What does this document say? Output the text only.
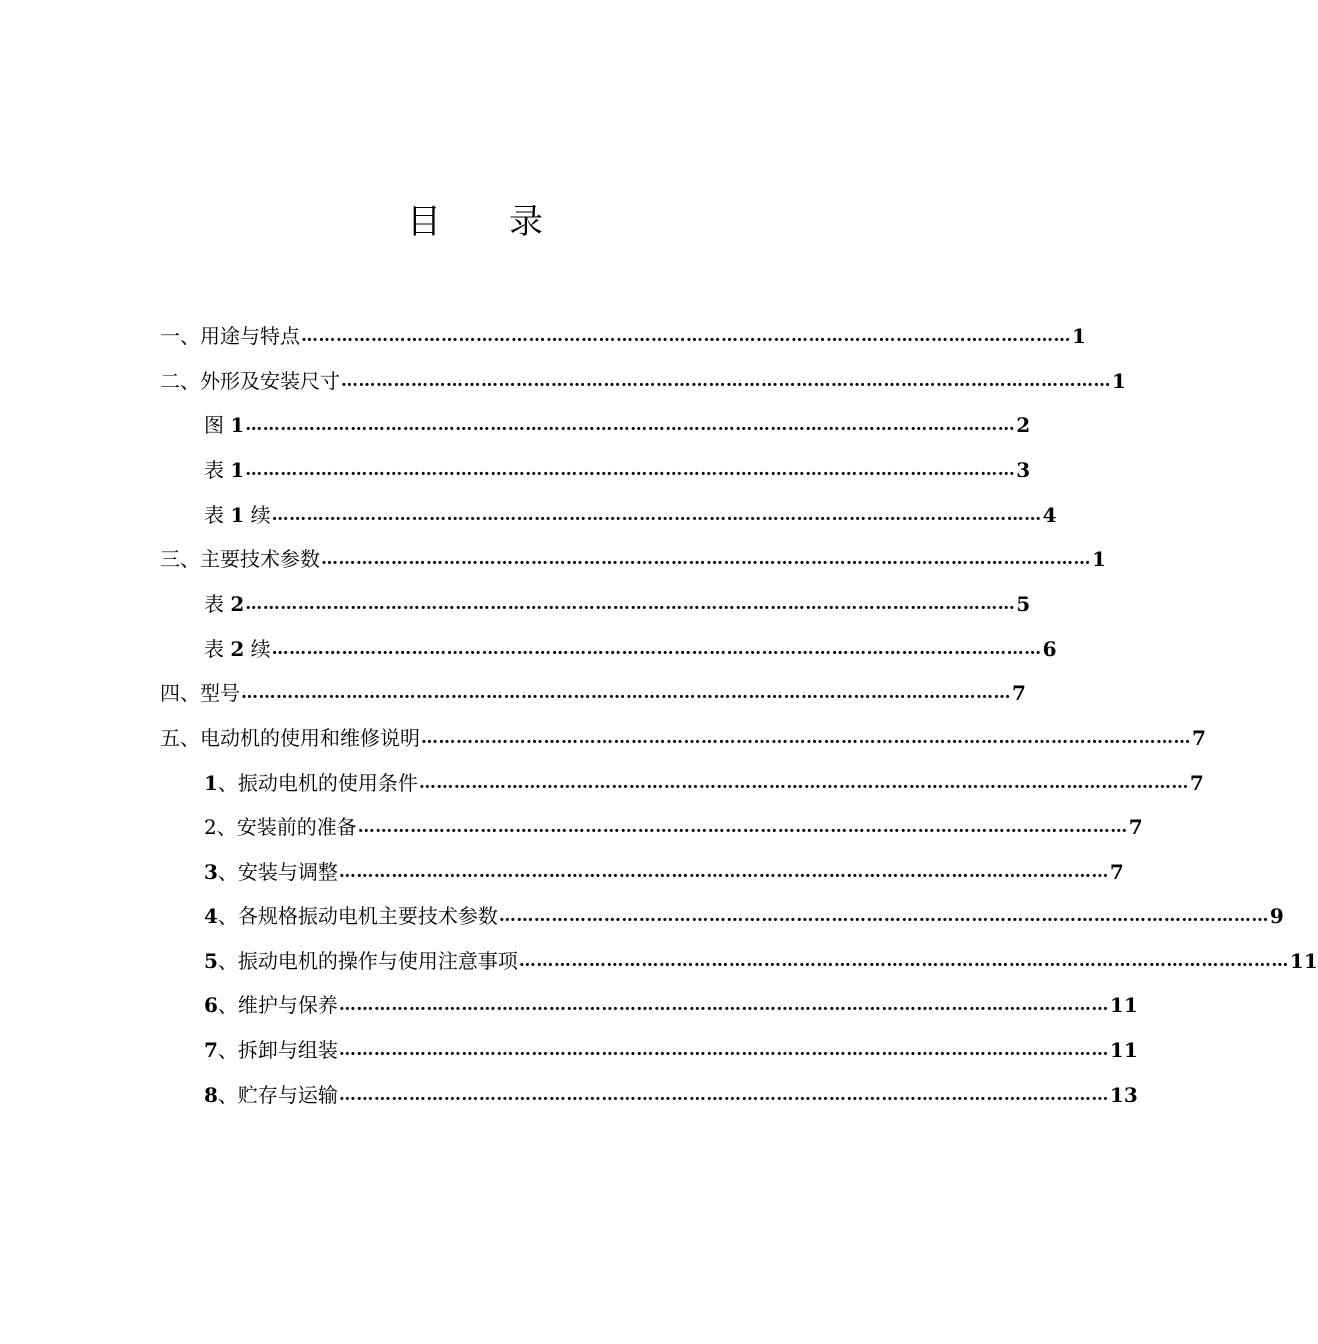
目 录
一、用途与特点 …………………………………………………………………………………………………………………… 1
二、外形及安装尺寸 …………………………………………………………………………………………………………………… 1
图 1 …………………………………………………………………………………………………………………… 2
表 1 …………………………………………………………………………………………………………………… 3
表 1 续 …………………………………………………………………………………………………………………… 4
三、主要技术参数 …………………………………………………………………………………………………………………… 1
表 2 …………………………………………………………………………………………………………………… 5
表 2 续 …………………………………………………………………………………………………………………… 6
四、型号 …………………………………………………………………………………………………………………… 7
五、电动机的使用和维修说明 …………………………………………………………………………………………………………………… 7
1、振动电机的使用条件 …………………………………………………………………………………………………………………… 7
2、安装前的准备 …………………………………………………………………………………………………………………… 7
3、安装与调整 …………………………………………………………………………………………………………………… 7
4、各规格振动电机主要技术参数 …………………………………………………………………………………………………………………… 9
5、振动电机的操作与使用注意事项 …………………………………………………………………………………………………………………… 11
6、维护与保养 …………………………………………………………………………………………………………………… 11
7、拆卸与组装 …………………………………………………………………………………………………………………… 11
8、贮存与运输 …………………………………………………………………………………………………………………… 13
